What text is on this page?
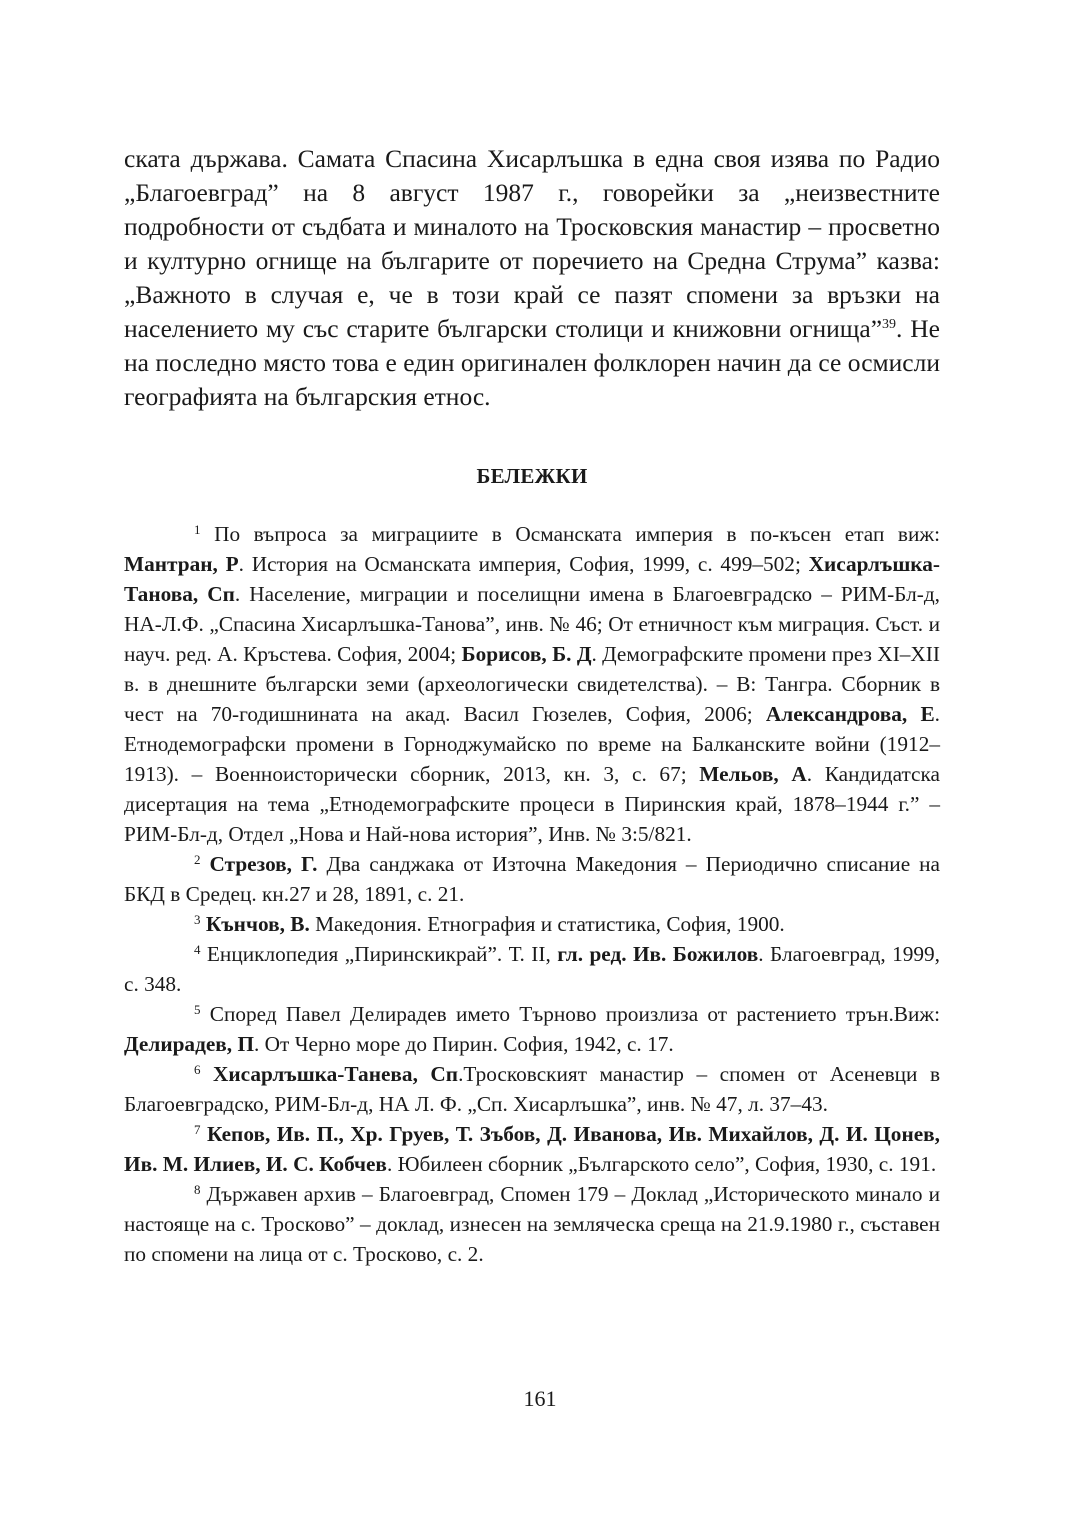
ската държава. Самата Спасина Хисарлъшка в една своя изява по Радио „Благоевград” на 8 август 1987 г., говорейки за „неизвестните подробности от съдбата и миналото на Тросковския манастир – просветно и културно огнище на българите от поречието на Средна Струма” казва: „Важното в случая е, че в този край се пазят спомени за връзки на населението му със старите български столици и книжовни огнища”$^{39}$. Не на последно място това е един оригинален фолклорен начин да се осмисли географията на българския етнос.

БЕЛЕЖКИ

$^1$ По въпроса за миграциите в Османската империя в по-късен етап виж: Мантран, Р. История на Османската империя, София, 1999, с. 499–502; Хисарлъшка-Танова, Сп. Население, миграции и поселищни имена в Благоевградско – РИМ-Бл-д, НА-Л.Ф. „Спасина Хисарлъшка-Танова”, инв. № 46; От етничност към миграция. Съст. и науч. ред. А. Кръстева. София, 2004; Борисов, Б. Д. Демографските промени през XI–XII в. в днешните български земи (археологически свидетелства). – В: Тангра. Сборник в чест на 70-годишнината на акад. Васил Гюзелев, София, 2006; Александрова, Е. Етнодемографски промени в Горноджумайско по време на Балканските войни (1912–1913). – Военноисторически сборник, 2013, кн. 3, с. 67; Мельов, А. Кандидатска дисертация на тема „Етнодемографските процеси в Пиринския край, 1878–1944 г.” – РИМ-Бл-д, Отдел „Нова и Най-нова история”, Инв. № 3:5/821.

$^2$ Стрезов, Г. Два санджака от Източна Македония – Периодично списание на БКД в Средец. кн.27 и 28, 1891, с. 21.

$^3$ Кънчов, В. Македония. Етнография и статистика, София, 1900.

$^4$ Енциклопедия „Пиринскикрай”. Т. II, гл. ред. Ив. Божилов. Благоевград, 1999, с. 348.

$^5$ Според Павел Делирадев името Търново произлиза от растението трън.Виж: Делирадев, П. От Черно море до Пирин. София, 1942, с. 17.

$^6$ Хисарлъшка-Танева, Сп.Тросковският манастир – спомен от Асеневци в Благоевградско, РИМ-Бл-д, НА Л. Ф. „Сп. Хисарлъшка”, инв. № 47, л. 37–43.

$^7$ Кепов, Ив. П., Хр. Груев, Т. Зъбов, Д. Иванова, Ив. Михайлов, Д. И. Цонев, Ив. М. Илиев, И. С. Кобчев. Юбилеен сборник „Българското село”, София, 1930, с. 191.

$^8$ Държавен архив – Благоевград, Спомен 179 – Доклад „Историческото минало и настояще на с. Тросково” – доклад, изнесен на земляческа среща на 21.9.1980 г., съставен по спомени на лица от с. Тросково, с. 2.

161
